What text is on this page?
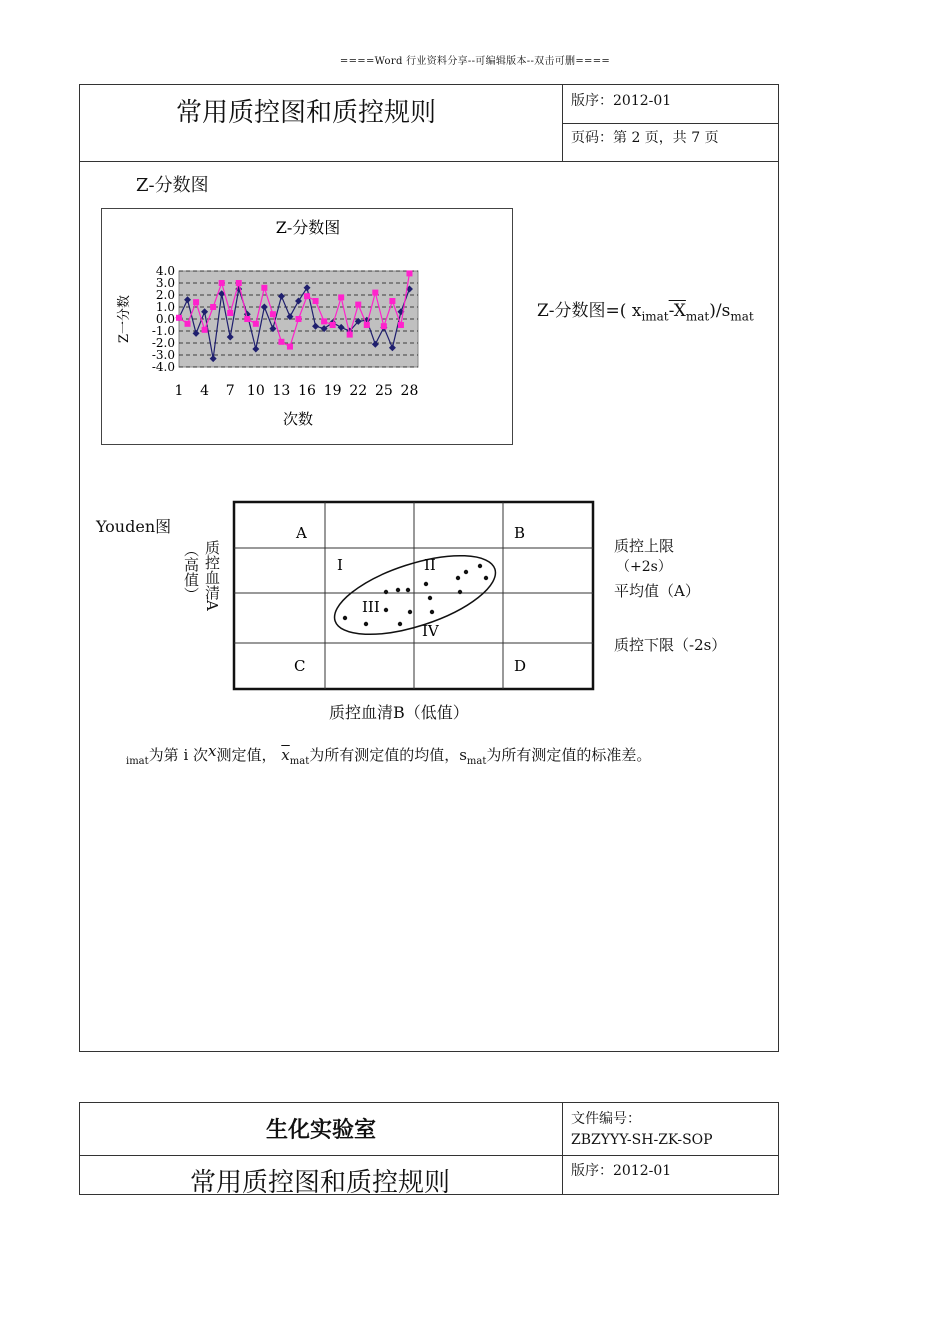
====Word 行业资料分享--可编辑版本--双击可删====
常用质控图和质控规则	版序：2012-01
页码：第 2 页，共 7 页
Z-分数图
Z-分数图
Z一分数
次数
4.0
3.0
2.0
1.0
0.0
-1.0
-2.0
-3.0
-4.0
1 4 7 10 13 16 19 22 25 28
Z-分数图=( $x_{imat}-X_{mat})/s_{mat}$
Youden图	A	B
C	D
I	II
III
IV
质控血清A
（高值）	质控上限
（+2s）
平均值（A）
质控下限（-2s）
质控血清B（低值）
$_{imat}$为第 i 次x测定值， $\overline{x}_{mat}$为所有测定值的均值，$s_{mat}$为所有测定值的标准差。
生化实验室	文件编号：
ZBZYYY-SH-ZK-SOP
常用质控图和质控规则	版序：2012-01
